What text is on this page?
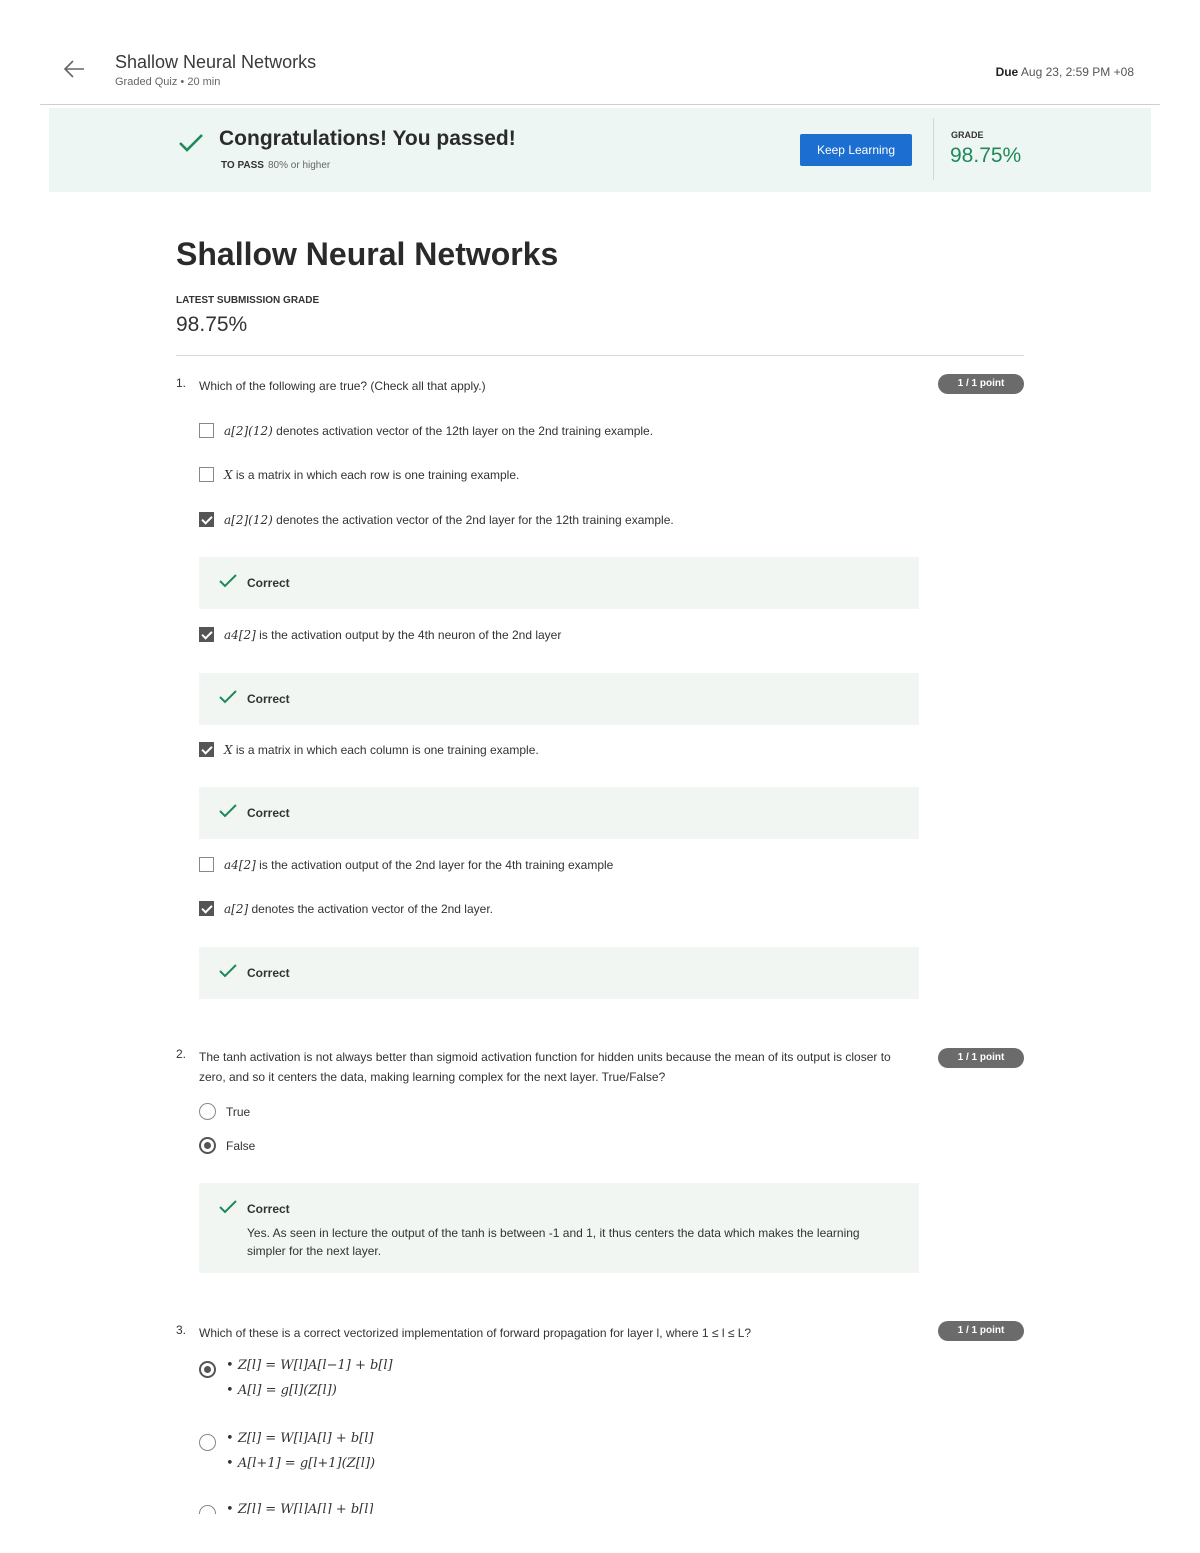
Shallow Neural Networks
Graded Quiz • 20 min
Due Aug 23, 2:59 PM +08
Congratulations! You passed!
TO PASS 80% or higher
Keep Learning
GRADE
98.75%
Shallow Neural Networks
LATEST SUBMISSION GRADE
98.75%
1. Which of the following are true? (Check all that apply.)	1 / 1 point
a[2](12)
denotes activation vector of the 12th layer on the 2nd training example.
X
is a matrix in which each row is one training example.
a[2](12)
denotes the activation vector of the 2nd layer for the 12th training example.
Correct
a4[2]
is the activation output by the 4th neuron of the 2nd layer
Correct
X
is a matrix in which each column is one training example.
Correct
a4[2]
is the activation output of the 2nd layer for the 4th training example
a[2]
denotes the activation vector of the 2nd layer.
Correct
2. The tanh activation is not always better than sigmoid activation function for hidden units because the mean of its output is closer to zero, and so it centers the data, making learning complex for the next layer. True/False?
1 / 1 point
True
False
Correct
Yes. As seen in lecture the output of the tanh is between -1 and 1, it thus centers the data which makes the learning simpler for the next layer.
3. Which of these is a correct vectorized implementation of forward propagation for layer l, where 1 ≤ l ≤ L?	1 / 1 point
• Z[l] = W[l]A[l−1] + b[l]
• A[l] = g[l](Z[l])
• Z[l] = W[l]A[l] + b[l]
• A[l+1] = g[l+1](Z[l])
• Z[l] = W[l]A[l] + b[l]
